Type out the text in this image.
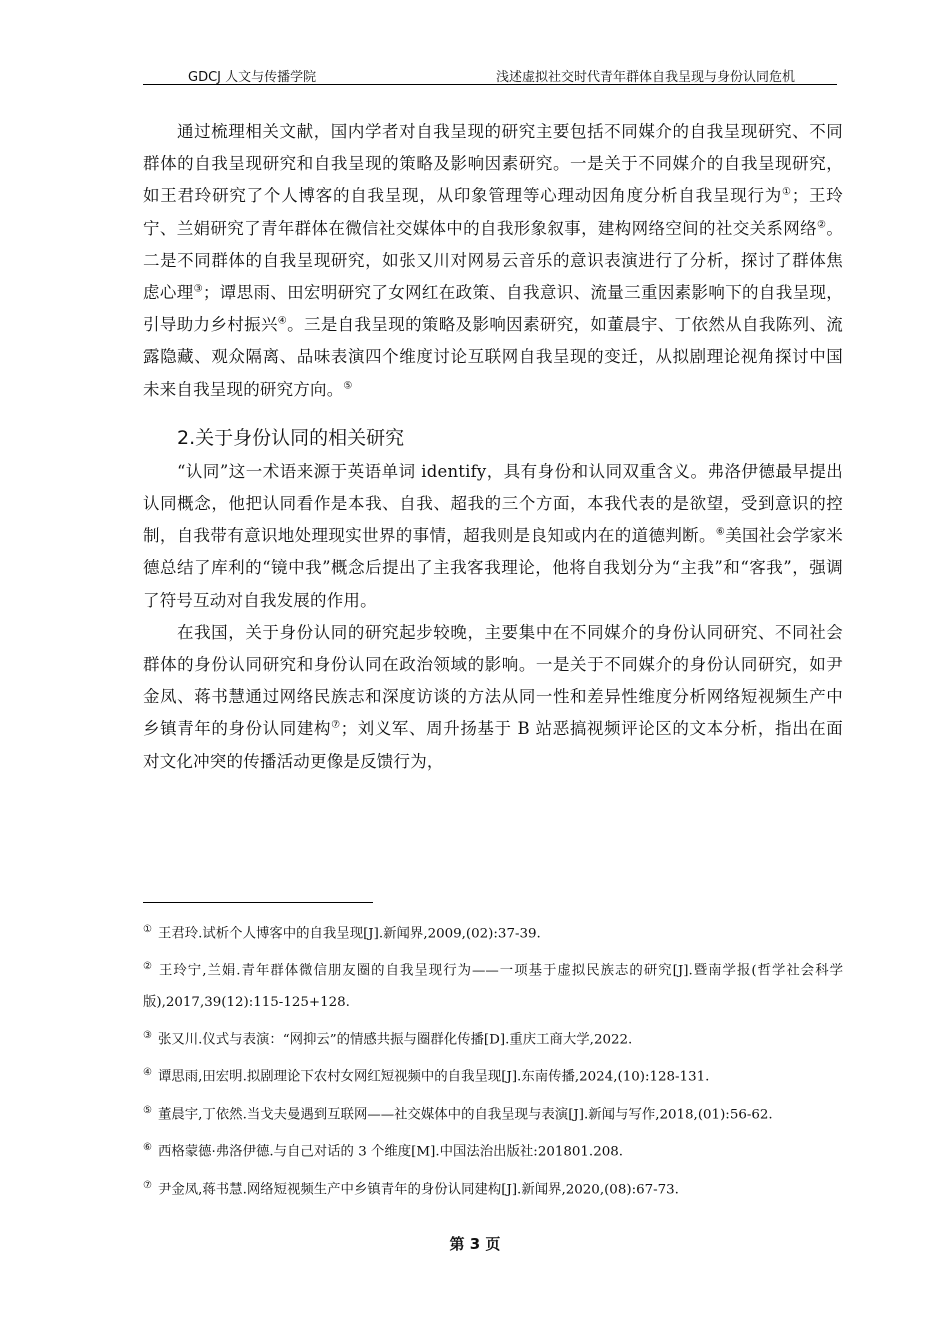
GDCJ 人文与传播学院	浅述虚拟社交时代青年群体自我呈现与身份认同危机

通过梳理相关文献，国内学者对自我呈现的研究主要包括不同媒介的自我呈现研究、不同群体的自我呈现研究和自我呈现的策略及影响因素研究。一是关于不同媒介的自我呈现研究，如王君玲研究了个人博客的自我呈现，从印象管理等心理动因角度分析自我呈现行为①；王玲宁、兰娟研究了青年群体在微信社交媒体中的自我形象叙事，建构网络空间的社交关系网络②。二是不同群体的自我呈现研究，如张又川对网易云音乐的意识表演进行了分析，探讨了群体焦虑心理③；谭思雨、田宏明研究了女网红在政策、自我意识、流量三重因素影响下的自我呈现，引导助力乡村振兴④。三是自我呈现的策略及影响因素研究，如董晨宇、丁依然从自我陈列、流露隐藏、观众隔离、品味表演四个维度讨论互联网自我呈现的变迁，从拟剧理论视角探讨中国未来自我呈现的研究方向。⑤

2.关于身份认同的相关研究

“认同”这一术语来源于英语单词 identify，具有身份和认同双重含义。弗洛伊德最早提出认同概念，他把认同看作是本我、自我、超我的三个方面，本我代表的是欲望，受到意识的控制，自我带有意识地处理现实世界的事情，超我则是良知或内在的道德判断。⑥美国社会学家米德总结了库利的“镜中我”概念后提出了主我客我理论，他将自我划分为“主我”和“客我”，强调了符号互动对自我发展的作用。

在我国，关于身份认同的研究起步较晚，主要集中在不同媒介的身份认同研究、不同社会群体的身份认同研究和身份认同在政治领域的影响。一是关于不同媒介的身份认同研究，如尹金凤、蒋书慧通过网络民族志和深度访谈的方法从同一性和差异性维度分析网络短视频生产中乡镇青年的身份认同建构⑦；刘义军、周升扬基于 B 站恶搞视频评论区的文本分析，指出在面对文化冲突的传播活动更像是反馈行为，

① 王君玲.试析个人博客中的自我呈现[J].新闻界,2009,(02):37-39.

② 王玲宁,兰娟.青年群体微信朋友圈的自我呈现行为——一项基于虚拟民族志的研究[J].暨南学报(哲学社会科学版),2017,39(12):115-125+128.

③ 张又川.仪式与表演：“网抑云”的情感共振与圈群化传播[D].重庆工商大学,2022.

④ 谭思雨,田宏明.拟剧理论下农村女网红短视频中的自我呈现[J].东南传播,2024,(10):128-131.

⑤ 董晨宇,丁依然.当戈夫曼遇到互联网——社交媒体中的自我呈现与表演[J].新闻与写作,2018,(01):56-62.

⑥ 西格蒙德·弗洛伊德.与自己对话的 3 个维度[M].中国法治出版社:201801.208.

⑦ 尹金凤,蒋书慧.网络短视频生产中乡镇青年的身份认同建构[J].新闻界,2020,(08):67-73.

第 3 页
